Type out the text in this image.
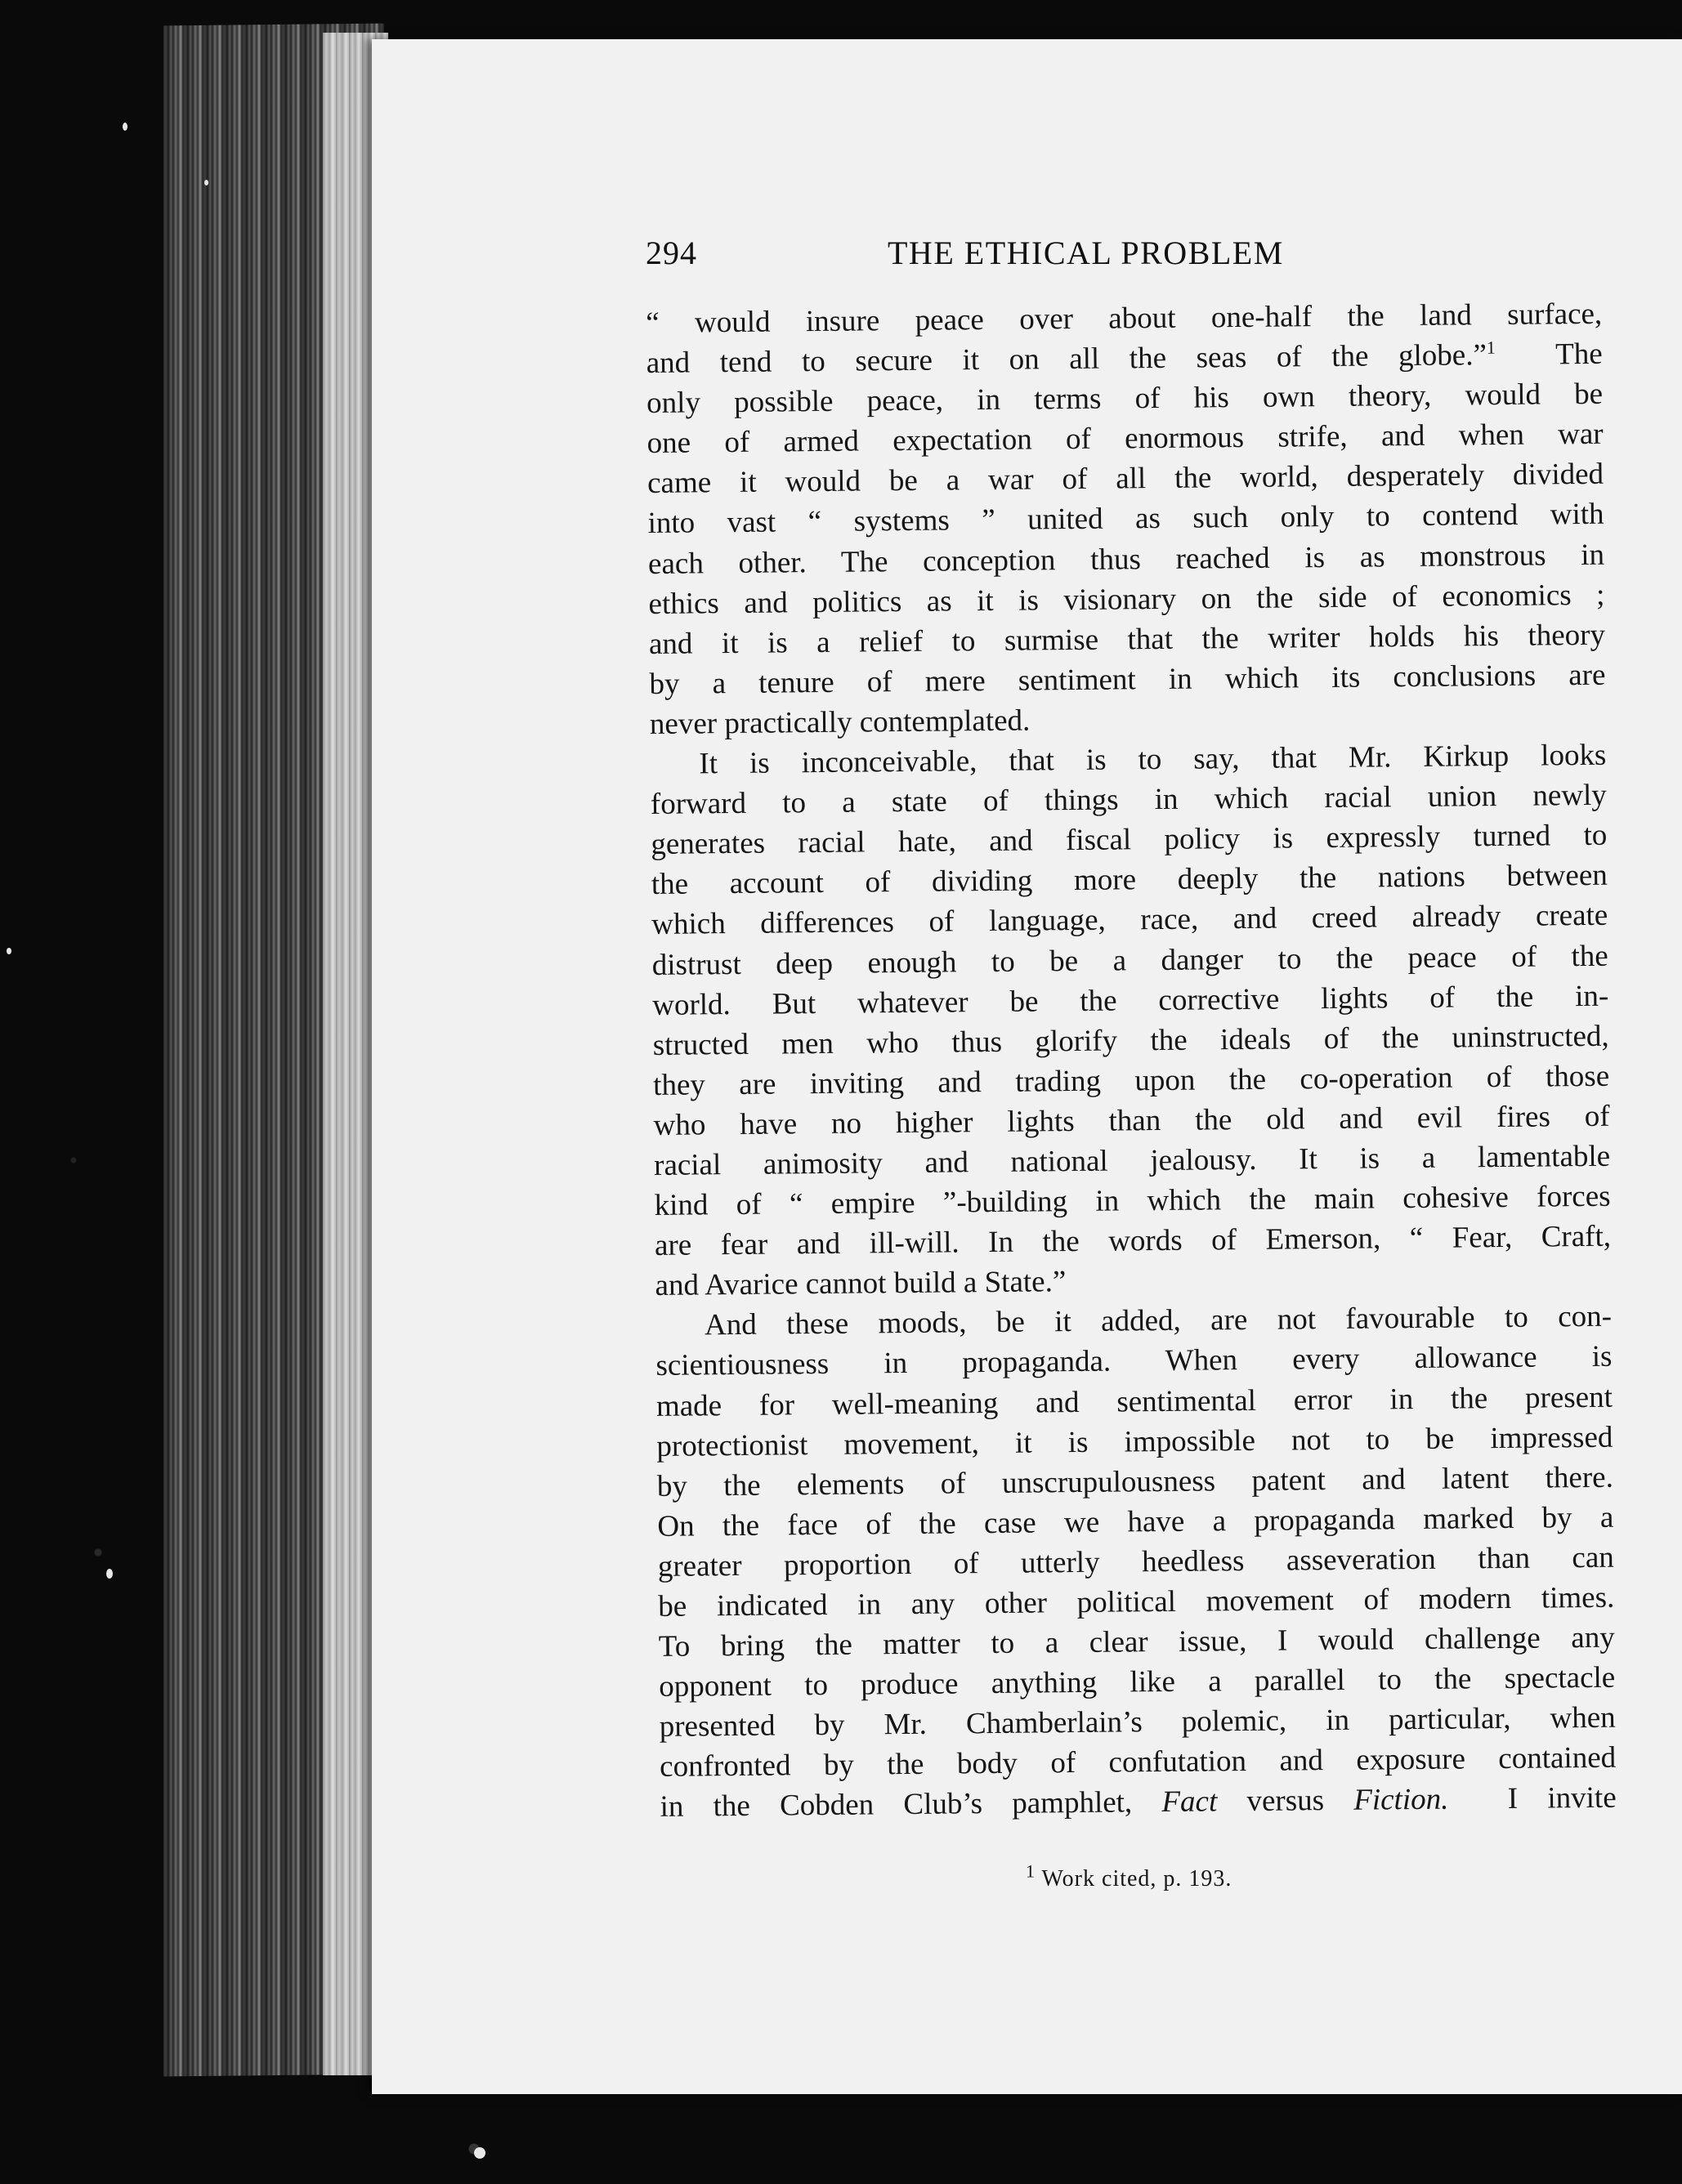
294	THE ETHICAL PROBLEM

“ would insure peace over about one-half the land surface,
and tend to secure it on all the seas of the globe.”$^1$ The
only possible peace, in terms of his own theory, would be
one of armed expectation of enormous strife, and when war
came it would be a war of all the world, desperately divided
into vast “ systems ” united as such only to contend with
each other. The conception thus reached is as monstrous in
ethics and politics as it is visionary on the side of economics ;
and it is a relief to surmise that the writer holds his theory
by a tenure of mere sentiment in which its conclusions are

never practically contemplated.

It is inconceivable, that is to say, that Mr. Kirkup looks
forward to a state of things in which racial union newly
generates racial hate, and fiscal policy is expressly turned to
the account of dividing more deeply the nations between
which differences of language, race, and creed already create
distrust deep enough to be a danger to the peace of the
world. But whatever be the corrective lights of the in-
structed men who thus glorify the ideals of the uninstructed,
they are inviting and trading upon the co-operation of those
who have no higher lights than the old and evil fires of
racial animosity and national jealousy. It is a lamentable
kind of “ empire ”-building in which the main cohesive forces
are fear and ill-will. In the words of Emerson, “ Fear, Craft,

and Avarice cannot build a State.”

And these moods, be it added, are not favourable to con-
scientiousness in propaganda. When every allowance is
made for well-meaning and sentimental error in the present
protectionist movement, it is impossible not to be impressed
by the elements of unscrupulousness patent and latent there.
On the face of the case we have a propaganda marked by a
greater proportion of utterly heedless asseveration than can
be indicated in any other political movement of modern times.
To bring the matter to a clear issue, I would challenge any
opponent to produce anything like a parallel to the spectacle
presented by Mr. Chamberlain’s polemic, in particular, when
confronted by the body of confutation and exposure contained
in the Cobden Club’s pamphlet, Fact versus Fiction. I invite

$^1$ Work cited, p. 193.
